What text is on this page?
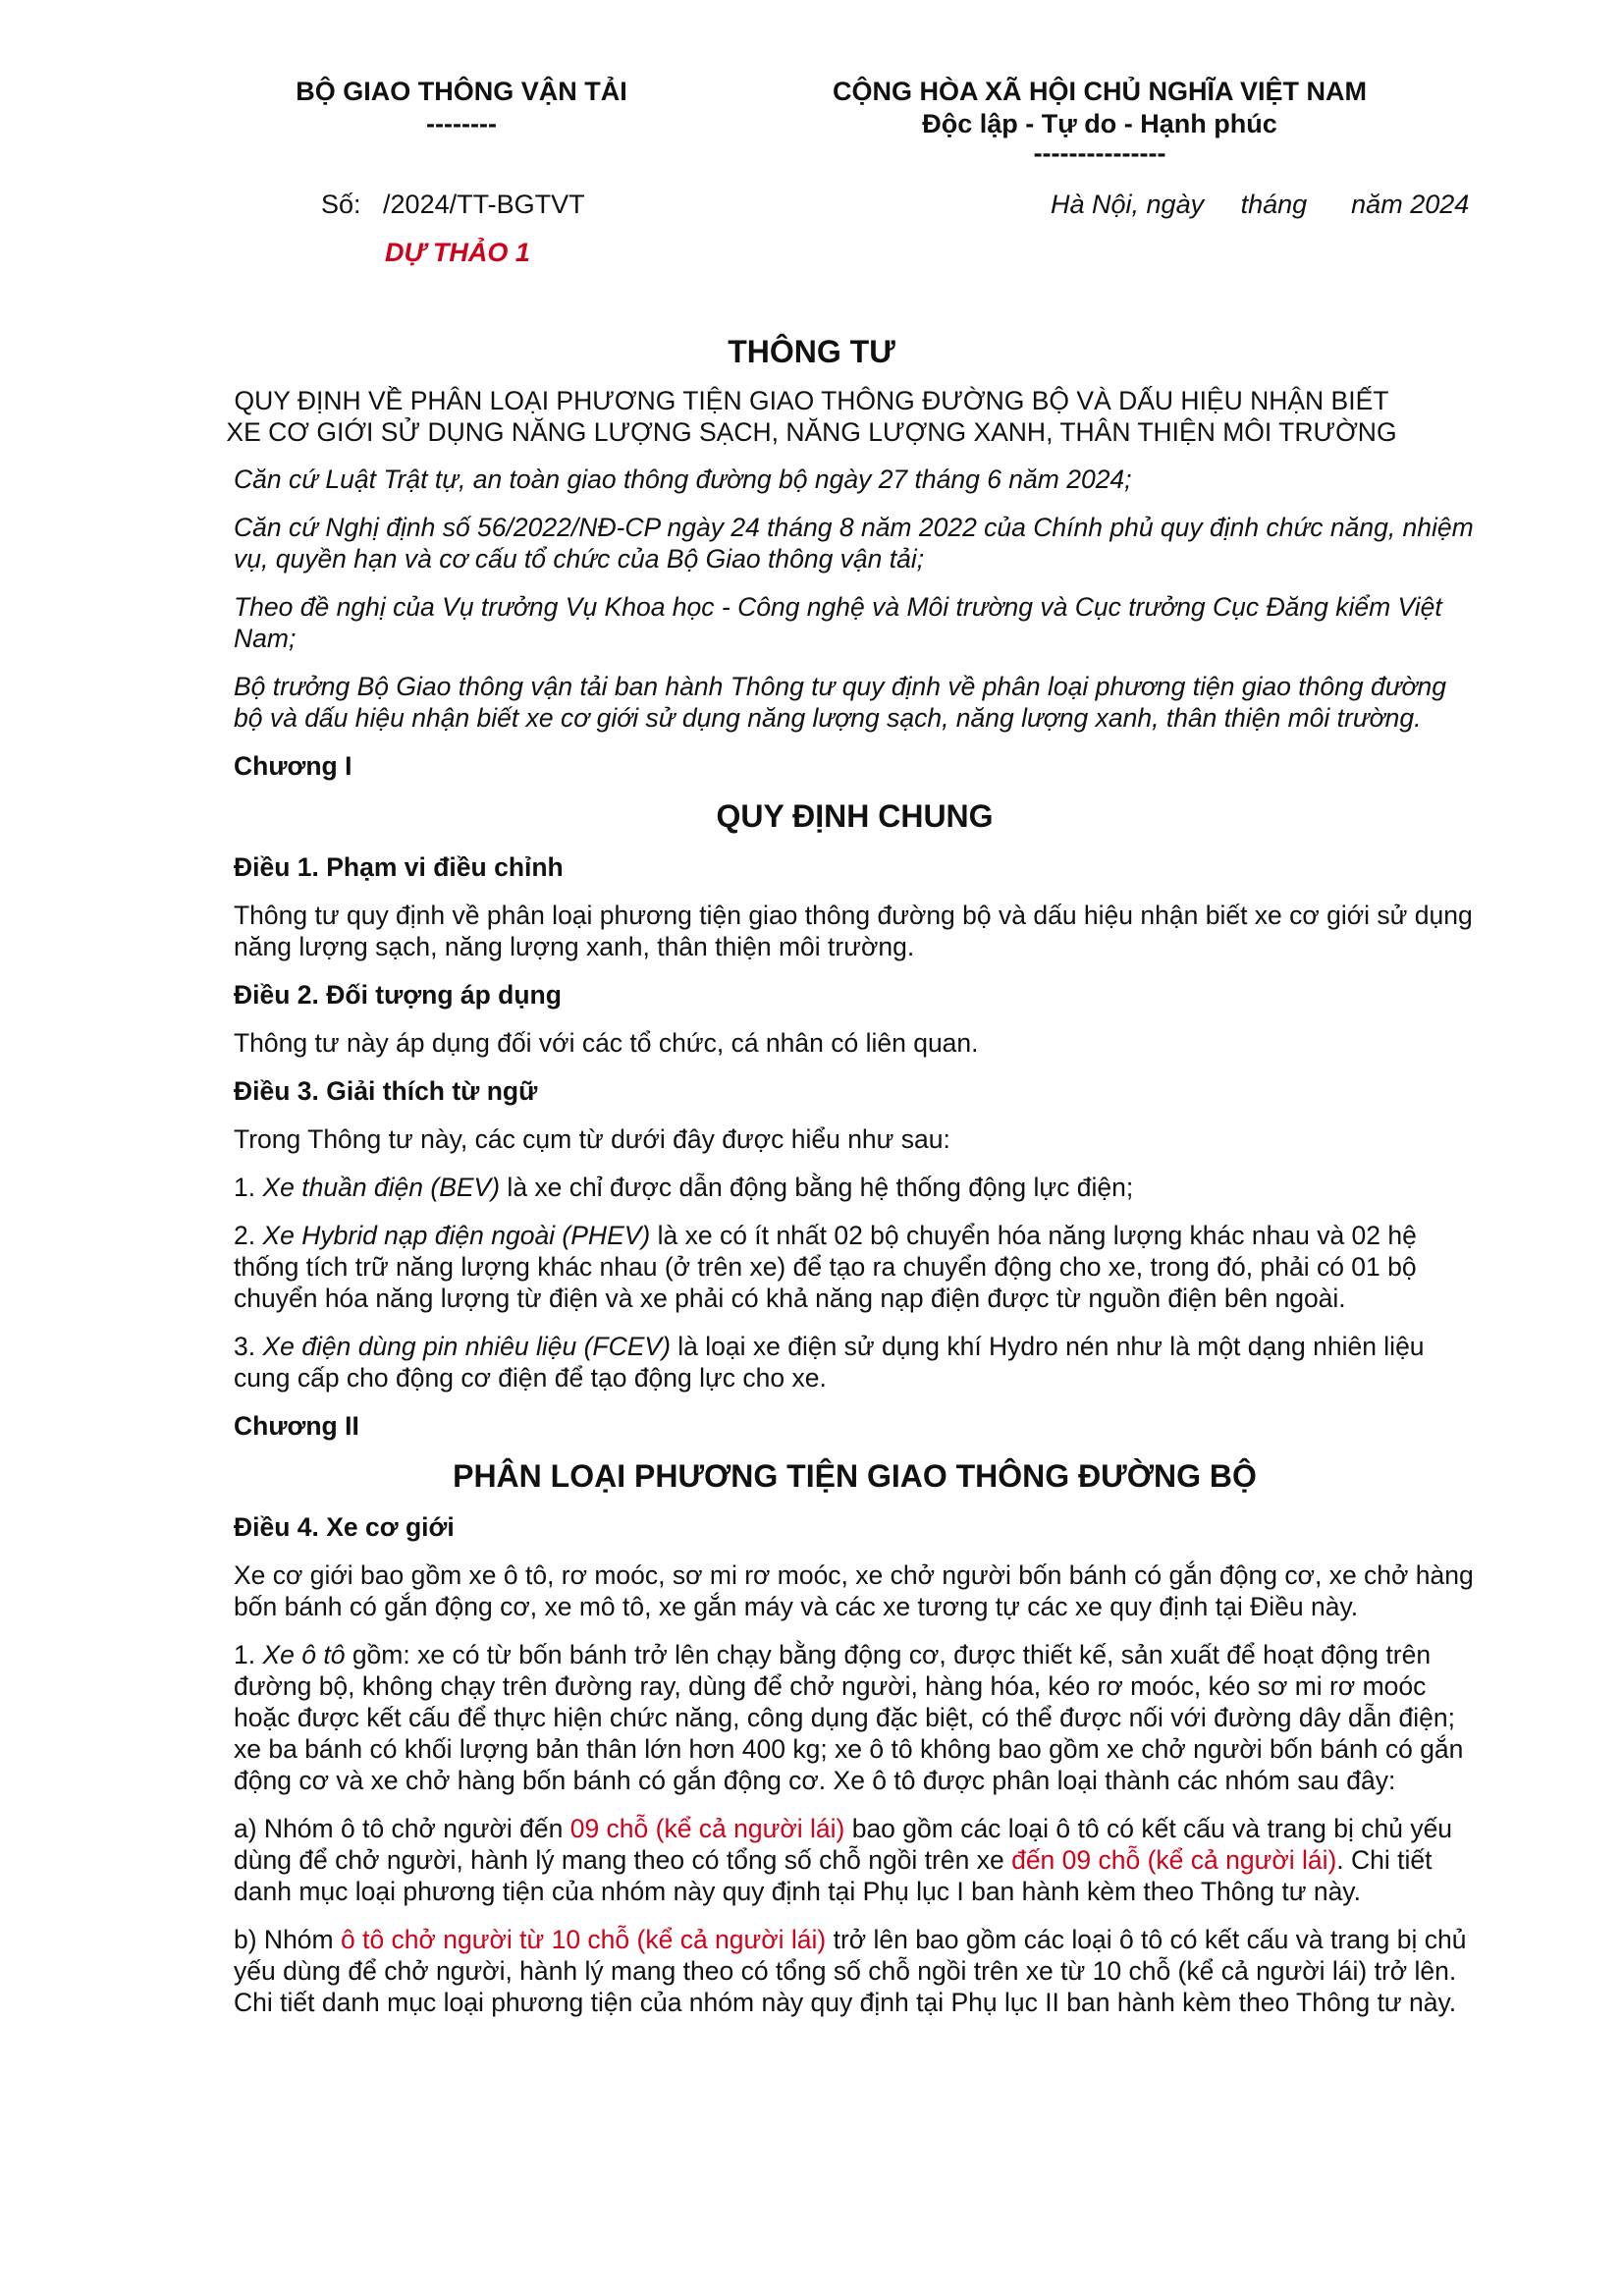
BỘ GIAO THÔNG VẬN TẢI
--------
CỘNG HÒA XÃ HỘI CHỦ NGHĨA VIỆT NAM
Độc lập - Tự do - Hạnh phúc
---------------
Số:   /2024/TT-BGTVT	Hà Nội, ngày     tháng      năm 2024
DỰ THẢO 1
THÔNG TƯ
QUY ĐỊNH VỀ PHÂN LOẠI PHƯƠNG TIỆN GIAO THÔNG ĐƯỜNG BỘ VÀ DẤU HIỆU NHẬN BIẾT
XE CƠ GIỚI SỬ DỤNG NĂNG LƯỢNG SẠCH, NĂNG LƯỢNG XANH, THÂN THIỆN MÔI TRƯỜNG

Căn cứ Luật Trật tự, an toàn giao thông đường bộ ngày 27 tháng 6 năm 2024;

Căn cứ Nghị định số 56/2022/NĐ-CP ngày 24 tháng 8 năm 2022 của Chính phủ quy định chức năng, nhiệm vụ, quyền hạn và cơ cấu tổ chức của Bộ Giao thông vận tải;

Theo đề nghị của Vụ trưởng Vụ Khoa học - Công nghệ và Môi trường và Cục trưởng Cục Đăng kiểm Việt Nam;

Bộ trưởng Bộ Giao thông vận tải ban hành Thông tư quy định về phân loại phương tiện giao thông đường bộ và dấu hiệu nhận biết xe cơ giới sử dụng năng lượng sạch, năng lượng xanh, thân thiện môi trường.

Chương I

QUY ĐỊNH CHUNG

Điều 1. Phạm vi điều chỉnh

Thông tư quy định về phân loại phương tiện giao thông đường bộ và dấu hiệu nhận biết xe cơ giới sử dụng năng lượng sạch, năng lượng xanh, thân thiện môi trường.

Điều 2. Đối tượng áp dụng

Thông tư này áp dụng đối với các tổ chức, cá nhân có liên quan.

Điều 3. Giải thích từ ngữ

Trong Thông tư này, các cụm từ dưới đây được hiểu như sau:

1. Xe thuần điện (BEV) là xe chỉ được dẫn động bằng hệ thống động lực điện;

2. Xe Hybrid nạp điện ngoài (PHEV) là xe có ít nhất 02 bộ chuyển hóa năng lượng khác nhau và 02 hệ thống tích trữ năng lượng khác nhau (ở trên xe) để tạo ra chuyển động cho xe, trong đó, phải có 01 bộ chuyển hóa năng lượng từ điện và xe phải có khả năng nạp điện được từ nguồn điện bên ngoài.

3. Xe điện dùng pin nhiêu liệu (FCEV) là loại xe điện sử dụng khí Hydro nén như là một dạng nhiên liệu cung cấp cho động cơ điện để tạo động lực cho xe.

Chương II

PHÂN LOẠI PHƯƠNG TIỆN GIAO THÔNG ĐƯỜNG BỘ

Điều 4. Xe cơ giới

Xe cơ giới bao gồm xe ô tô, rơ moóc, sơ mi rơ moóc, xe chở người bốn bánh có gắn động cơ, xe chở hàng bốn bánh có gắn động cơ, xe mô tô, xe gắn máy và các xe tương tự các xe quy định tại Điều này.

1. Xe ô tô gồm: xe có từ bốn bánh trở lên chạy bằng động cơ, được thiết kế, sản xuất để hoạt động trên đường bộ, không chạy trên đường ray, dùng để chở người, hàng hóa, kéo rơ moóc, kéo sơ mi rơ moóc hoặc được kết cấu để thực hiện chức năng, công dụng đặc biệt, có thể được nối với đường dây dẫn điện; xe ba bánh có khối lượng bản thân lớn hơn 400 kg; xe ô tô không bao gồm xe chở người bốn bánh có gắn động cơ và xe chở hàng bốn bánh có gắn động cơ. Xe ô tô được phân loại thành các nhóm sau đây:

a) Nhóm ô tô chở người đến 09 chỗ (kể cả người lái) bao gồm các loại ô tô có kết cấu và trang bị chủ yếu dùng để chở người, hành lý mang theo có tổng số chỗ ngồi trên xe đến 09 chỗ (kể cả người lái). Chi tiết danh mục loại phương tiện của nhóm này quy định tại Phụ lục I ban hành kèm theo Thông tư này.

b) Nhóm ô tô chở người từ 10 chỗ (kể cả người lái) trở lên bao gồm các loại ô tô có kết cấu và trang bị chủ yếu dùng để chở người, hành lý mang theo có tổng số chỗ ngồi trên xe từ 10 chỗ (kể cả người lái) trở lên. Chi tiết danh mục loại phương tiện của nhóm này quy định tại Phụ lục II ban hành kèm theo Thông tư này.
